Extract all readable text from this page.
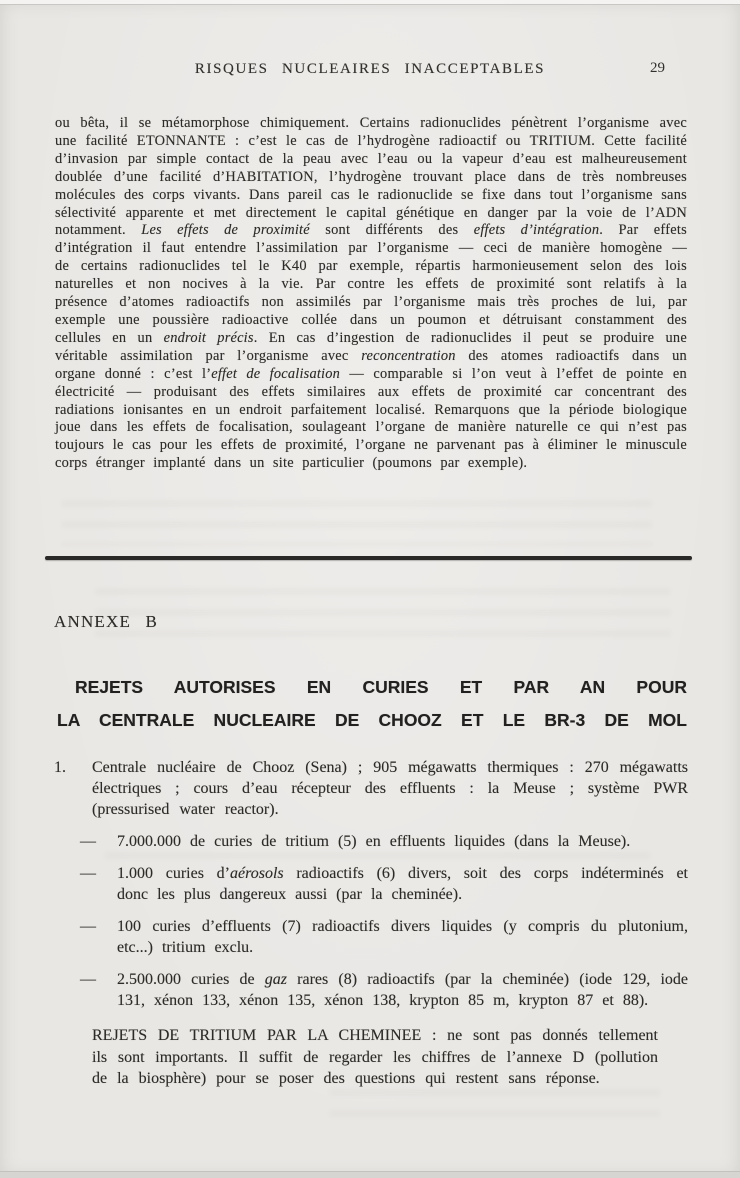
RISQUES NUCLEAIRES INACCEPTABLES	29
ou bêta, il se métamorphose chimiquement. Certains radionuclides pénètrent l’organisme avec une facilité ETONNANTE : c’est le cas de l’hydrogène radioactif ou TRITIUM. Cette facilité d’invasion par simple contact de la peau avec l’eau ou la vapeur d’eau est malheureusement doublée d’une facilité d’HABITATION, l’hydrogène trouvant place dans de très nombreuses molécules des corps vivants. Dans pareil cas le radionuclide se fixe dans tout l’organisme sans sélectivité apparente et met directement le capital génétique en danger par la voie de l’ADN notamment. Les effets de proximité sont différents des effets d’intégration. Par effets d’intégration il faut entendre l’assimilation par l’organisme — ceci de manière homogène — de certains radionuclides tel le K40 par exemple, répartis harmonieusement selon des lois naturelles et non nocives à la vie. Par contre les effets de proximité sont relatifs à la présence d’atomes radioactifs non assimilés par l’organisme mais très proches de lui, par exemple une poussière radioactive collée dans un poumon et détruisant constamment des cellules en un endroit précis. En cas d’ingestion de radionuclides il peut se produire une véritable assimilation par l’organisme avec reconcentration des atomes radioactifs dans un organe donné : c’est l’effet de focalisation — comparable si l’on veut à l’effet de pointe en électricité — produisant des effets similaires aux effets de proximité car concentrant des radiations ionisantes en un endroit parfaitement localisé. Remarquons que la période biologique joue dans les effets de focalisation, soulageant l’organe de manière naturelle ce qui n’est pas toujours le cas pour les effets de proximité, l’organe ne parvenant pas à éliminer le minuscule corps étranger implanté dans un site particulier (poumons par exemple).
ANNEXE B
REJETS AUTORISES EN CURIES ET PAR AN POUR
LA CENTRALE NUCLEAIRE DE CHOOZ ET LE BR-3 DE MOL
1.	Centrale nucléaire de Chooz (Sena) ; 905 mégawatts thermiques : 270 mégawatts électriques ; cours d’eau récepteur des effluents : la Meuse ; système PWR (pressurised water reactor).
—	7.000.000 de curies de tritium (5) en effluents liquides (dans la Meuse).
—	1.000 curies d’aérosols radioactifs (6) divers, soit des corps indéterminés et donc les plus dangereux aussi (par la cheminée).
—	100 curies d’effluents (7) radioactifs divers liquides (y compris du plutonium, etc...) tritium exclu.
—	2.500.000 curies de gaz rares (8) radioactifs (par la cheminée) (iode 129, iode 131, xénon 133, xénon 135, xénon 138, krypton 85 m, krypton 87 et 88).
REJETS DE TRITIUM PAR LA CHEMINEE : ne sont pas donnés tellement ils sont importants. Il suffit de regarder les chiffres de l’annexe D (pollution de la biosphère) pour se poser des questions qui restent sans réponse.
